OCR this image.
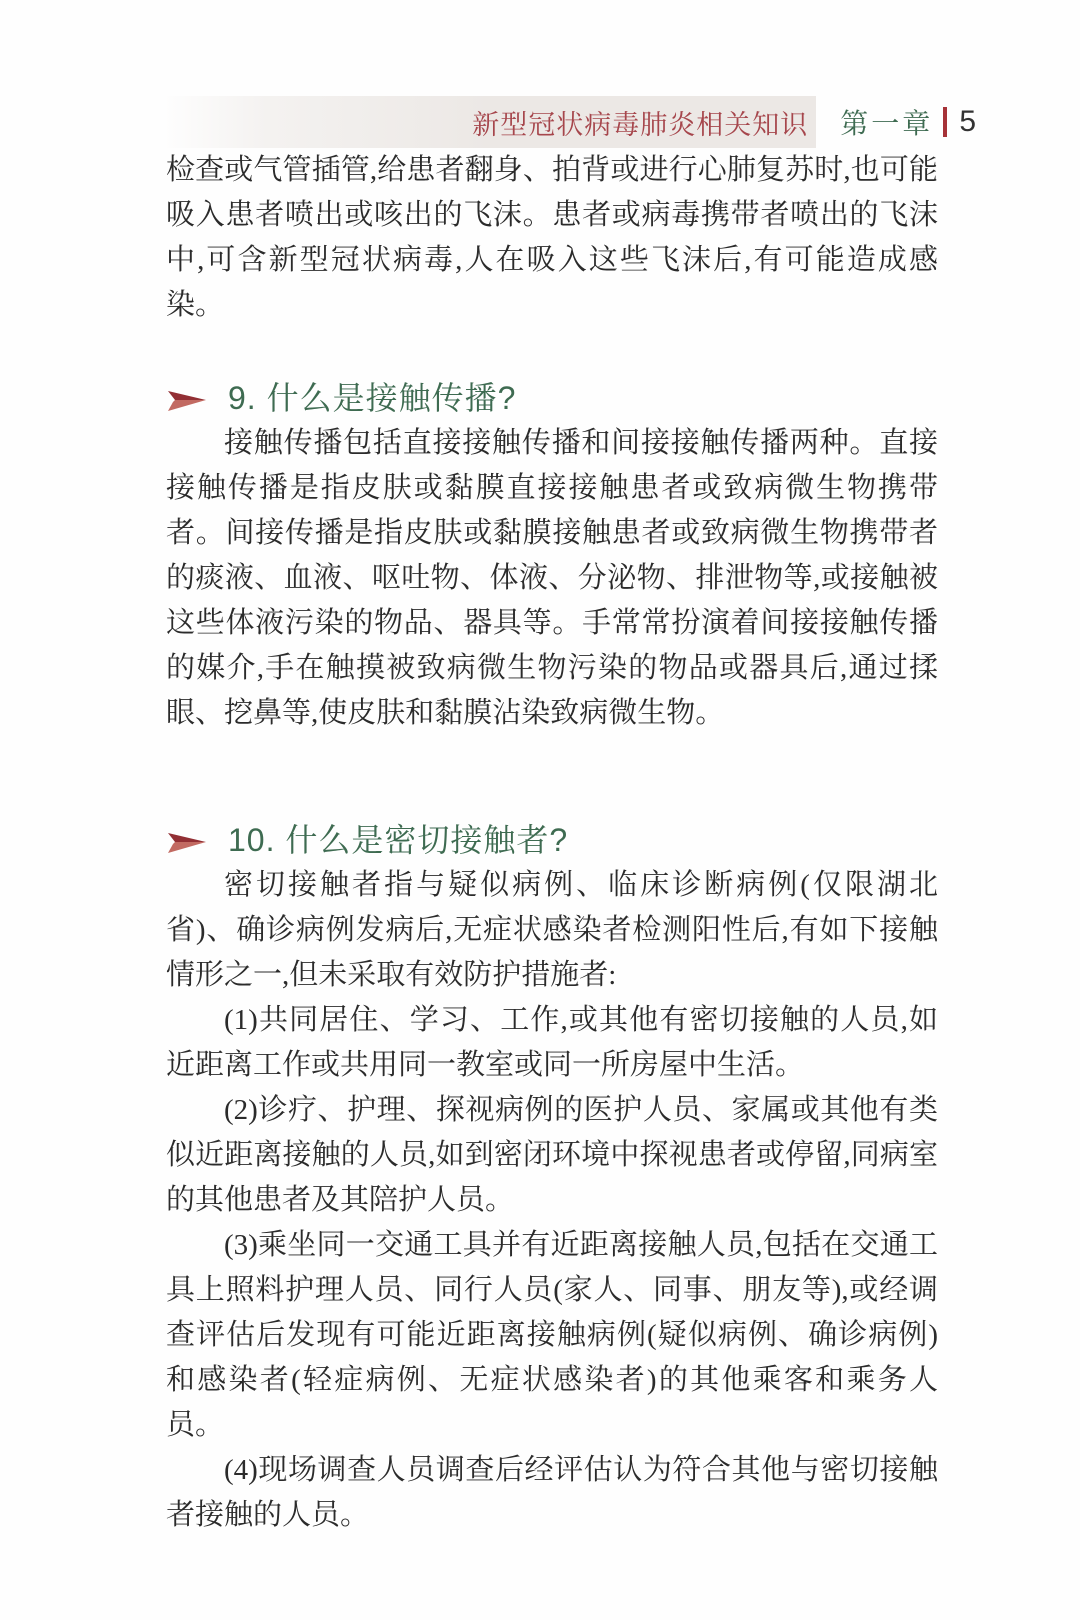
新型冠状病毒肺炎相关知识 第一章 5

检查或气管插管,给患者翻身、拍背或进行心肺复苏时,也可能吸入患者喷出或咳出的飞沫。患者或病毒携带者喷出的飞沫中,可含新型冠状病毒,人在吸入这些飞沫后,有可能造成感染。

9. 什么是接触传播?

接触传播包括直接接触传播和间接接触传播两种。直接接触传播是指皮肤或黏膜直接接触患者或致病微生物携带者。间接传播是指皮肤或黏膜接触患者或致病微生物携带者的痰液、血液、呕吐物、体液、分泌物、排泄物等,或接触被这些体液污染的物品、器具等。手常常扮演着间接接触传播的媒介,手在触摸被致病微生物污染的物品或器具后,通过揉眼、挖鼻等,使皮肤和黏膜沾染致病微生物。

10. 什么是密切接触者?

密切接触者指与疑似病例、临床诊断病例(仅限湖北省)、确诊病例发病后,无症状感染者检测阳性后,有如下接触情形之一,但未采取有效防护措施者:

(1)共同居住、学习、工作,或其他有密切接触的人员,如近距离工作或共用同一教室或同一所房屋中生活。

(2)诊疗、护理、探视病例的医护人员、家属或其他有类似近距离接触的人员,如到密闭环境中探视患者或停留,同病室的其他患者及其陪护人员。

(3)乘坐同一交通工具并有近距离接触人员,包括在交通工具上照料护理人员、同行人员(家人、同事、朋友等),或经调查评估后发现有可能近距离接触病例(疑似病例、确诊病例)和感染者(轻症病例、无症状感染者)的其他乘客和乘务人员。

(4)现场调查人员调查后经评估认为符合其他与密切接触者接触的人员。
